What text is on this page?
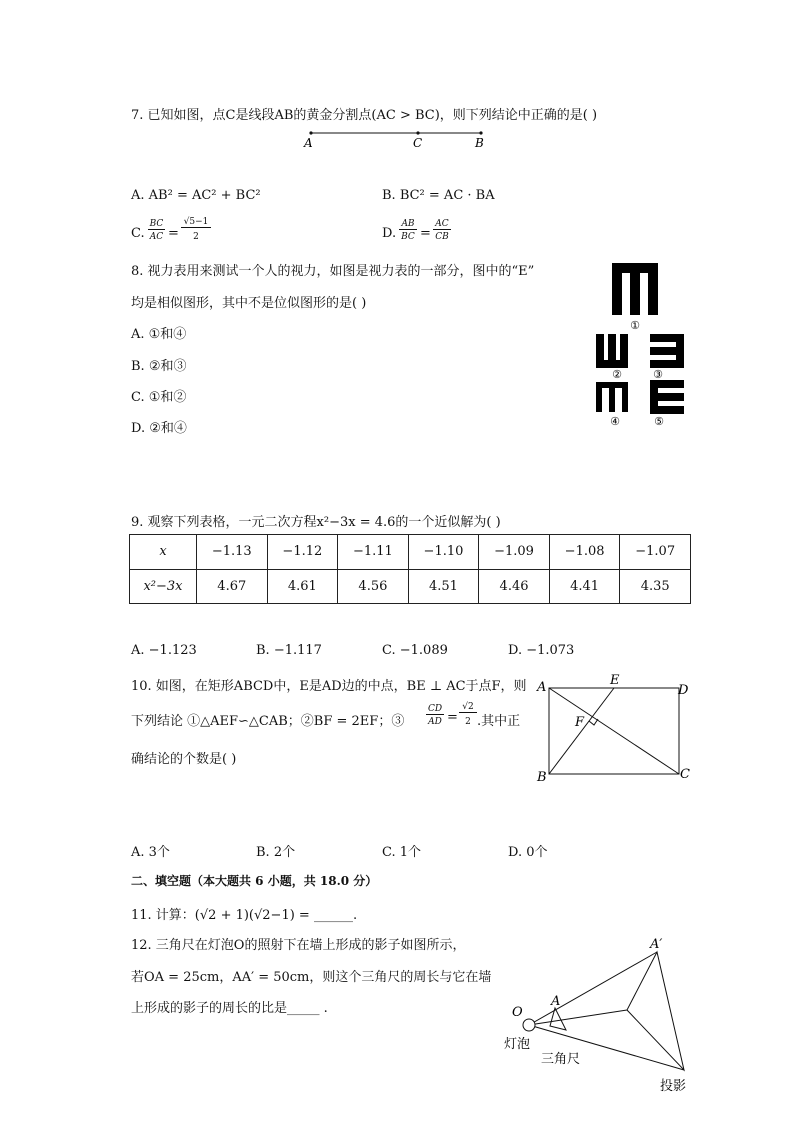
7. 已知如图，点C是线段AB的黄金分割点(AC > BC)，则下列结论中正确的是( )
A	C	B
A. AB² = AC² + BC²	B. BC² = AC · BA
C.
BC
AC =
√5−1
2	D.
AB
BC =
AC
CB
8. 视力表用来测试一个人的视力，如图是视力表的一部分，图中的“E”
均是相似图形，其中不是位似图形的是( )
A. ①和④
B. ②和③
C. ①和②
D. ②和④
①
②	③
④	⑤
9. 观察下列表格，一元二次方程x²−3x = 4.6的一个近似解为( )
x	−1.13	−1.12	−1.11	−1.10	−1.09	−1.08	−1.07
x²−3x	4.67	4.61	4.56	4.51	4.46	4.41	4.35
A. −1.123	B. −1.117	C. −1.089	D. −1.073
10. 如图，在矩形ABCD中，E是AD边的中点，BE ⊥ AC于点F，则
下列结论 ①△AEF∽△CAB；②BF = 2EF；③
CD
AD =
√2
2 .其中正
确结论的个数是( )
A	E
D
F
B	C
A. 3个	B. 2个	C. 1个	D. 0个
二、填空题（本大题共 6 小题，共 18.0 分）
11. 计算：(√2 + 1)(√2−1) = ______.
12. 三角尺在灯泡O的照射下在墙上形成的影子如图所示，
若OA = 25cm，AA′ = 50cm，则这个三角尺的周长与它在墙
上形成的影子的周长的比是_____ .	O
A
A′
灯泡
三角尺
投影
